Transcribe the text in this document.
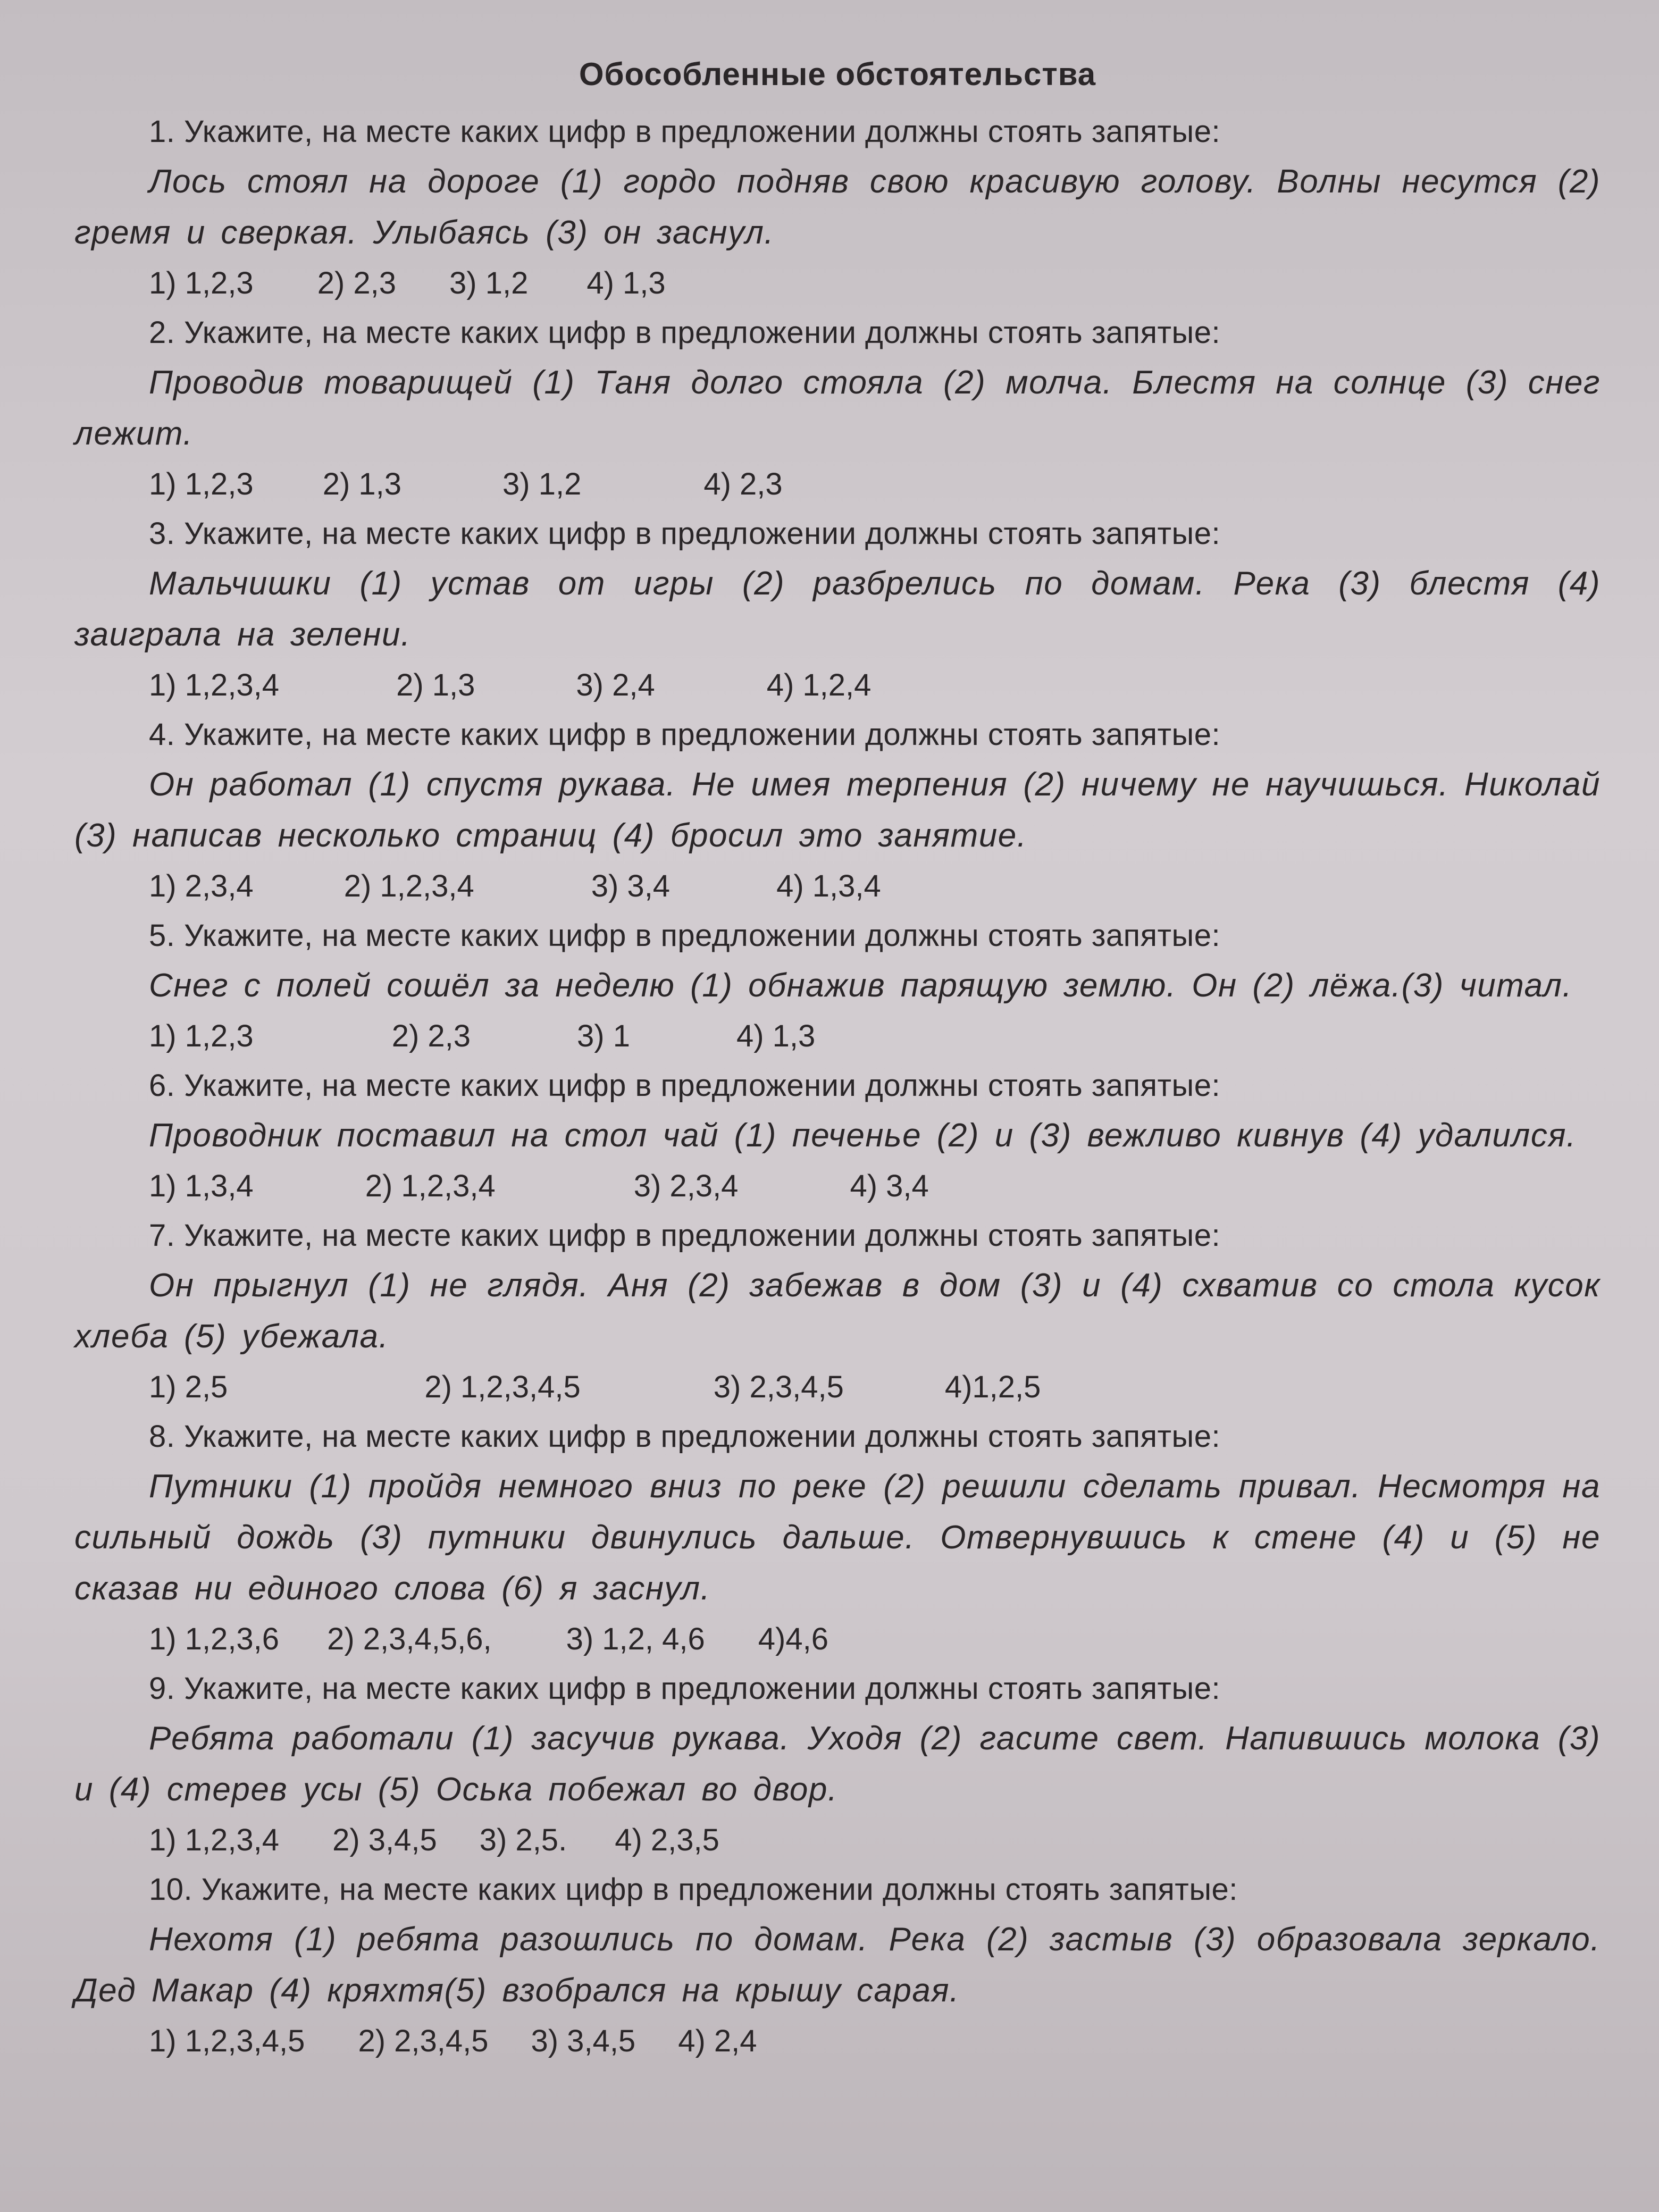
Обособленные обстоятельства

1. Укажите, на месте каких цифр в предложении должны стоять запятые:

Лось стоял на дороге (1) гордо подняв свою красивую голову. Волны несутся (2) гремя и сверкая. Улыбаясь (3) он заснул.

1) 1,2,3 2) 2,3 3) 1,2 4) 1,3

2. Укажите, на месте каких цифр в предложении должны стоять запятые:

Проводив товарищей (1) Таня долго стояла (2) молча. Блестя на солнце (3) снег лежит.

1) 1,2,3 2) 1,3	3) 1,2	4) 2,3

3. Укажите, на месте каких цифр в предложении должны стоять запятые:

Мальчишки (1) устав от игры (2) разбрелись по домам. Река (3) блестя (4) заиграла на зелени.

1) 1,2,3,4	2) 1,3	3) 2,4	4) 1,2,4

4. Укажите, на месте каких цифр в предложении должны стоять запятые:

Он работал (1) спустя рукава. Не имея терпения (2) ничему не научишься. Николай (3) написав несколько страниц (4) бросил это занятие.

1) 2,3,4	2) 1,2,3,4	3) 3,4	4) 1,3,4

5. Укажите, на месте каких цифр в предложении должны стоять запятые:

Снег с полей сошёл за неделю (1) обнажив парящую землю. Он (2) лёжа.(3) читал.

1) 1,2,3	2) 2,3	3) 1	4) 1,3

6. Укажите, на месте каких цифр в предложении должны стоять запятые:

Проводник поставил на стол чай (1) печенье (2) и (3) вежливо кивнув (4) удалился.

1) 1,3,4	2) 1,2,3,4	3) 2,3,4	4) 3,4

7. Укажите, на месте каких цифр в предложении должны стоять запятые:

Он прыгнул (1) не глядя. Аня (2) забежав в дом (3) и (4) схватив со стола кусок хлеба (5) убежала.

1) 2,5	2) 1,2,3,4,5	3) 2,3,4,5	4)1,2,5

8. Укажите, на месте каких цифр в предложении должны стоять запятые:

Путники (1) пройдя немного вниз по реке (2) решили сделать привал. Несмотря на сильный дождь (3) путники двинулись дальше. Отвернувшись к стене (4) и (5) не сказав ни единого слова (6) я заснул.

1) 1,2,3,6 2) 2,3,4,5,6, 3) 1,2, 4,6 4)4,6

9. Укажите, на месте каких цифр в предложении должны стоять запятые:

Ребята работали (1) засучив рукава. Уходя (2) гасите свет. Напившись молока (3) и (4) стерев усы (5) Оська побежал во двор.

1) 1,2,3,4 2) 3,4,5 3) 2,5. 4) 2,3,5

10. Укажите, на месте каких цифр в предложении должны стоять запятые:

Нехотя (1) ребята разошлись по домам. Река (2) застыв (3) образовала зеркало. Дед Макар (4) кряхтя(5) взобрался на крышу сарая.

1) 1,2,3,4,5 2) 2,3,4,5 3) 3,4,5 4) 2,4
